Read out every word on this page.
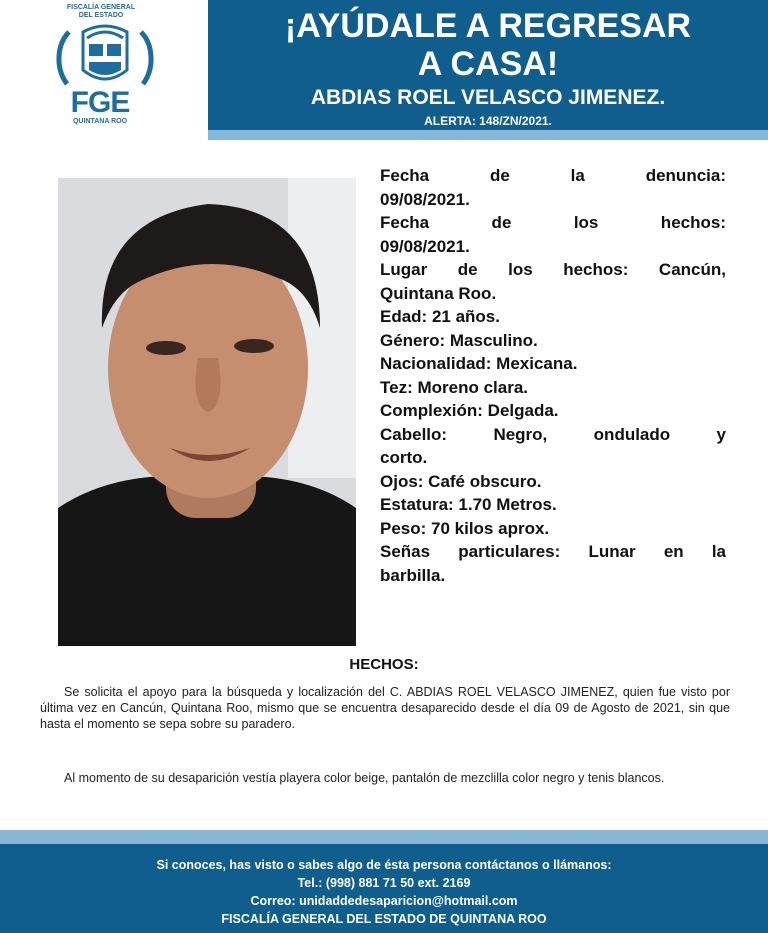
FISCALÍA GENERAL
DEL ESTADO
FGE
QUINTANA ROO
¡AYÚDALE A REGRESAR
A CASA!
ABDIAS ROEL VELASCO JIMENEZ.
ALERTA: 148/ZN/2021.
Fecha de la denuncia:
09/08/2021.
Fecha de los hechos:
09/08/2021.
Lugar de los hechos: Cancún,
Quintana Roo.
Edad: 21 años.
Género: Masculino.
Nacionalidad: Mexicana.
Tez: Moreno clara.
Complexión: Delgada.
Cabello: Negro, ondulado y
corto.
Ojos: Café obscuro.
Estatura: 1.70 Metros.
Peso: 70 kilos aprox.
Señas particulares: Lunar en la
barbilla.
HECHOS:
Se solicita el apoyo para la búsqueda y localización del C. ABDIAS ROEL VELASCO JIMENEZ, quien fue visto por última vez en Cancún, Quintana Roo, mismo que se encuentra desaparecido desde el día 09 de Agosto de 2021, sin que hasta el momento se sepa sobre su paradero.
Al momento de su desaparición vestía playera color beige, pantalón de mezclilla color negro y tenis blancos.
Si conoces, has visto o sabes algo de ésta persona contáctanos o llámanos:
Tel.: (998) 881 71 50 ext. 2169
Correo: unidaddedesaparicion@hotmail.com
FISCALÍA GENERAL DEL ESTADO DE QUINTANA ROO
